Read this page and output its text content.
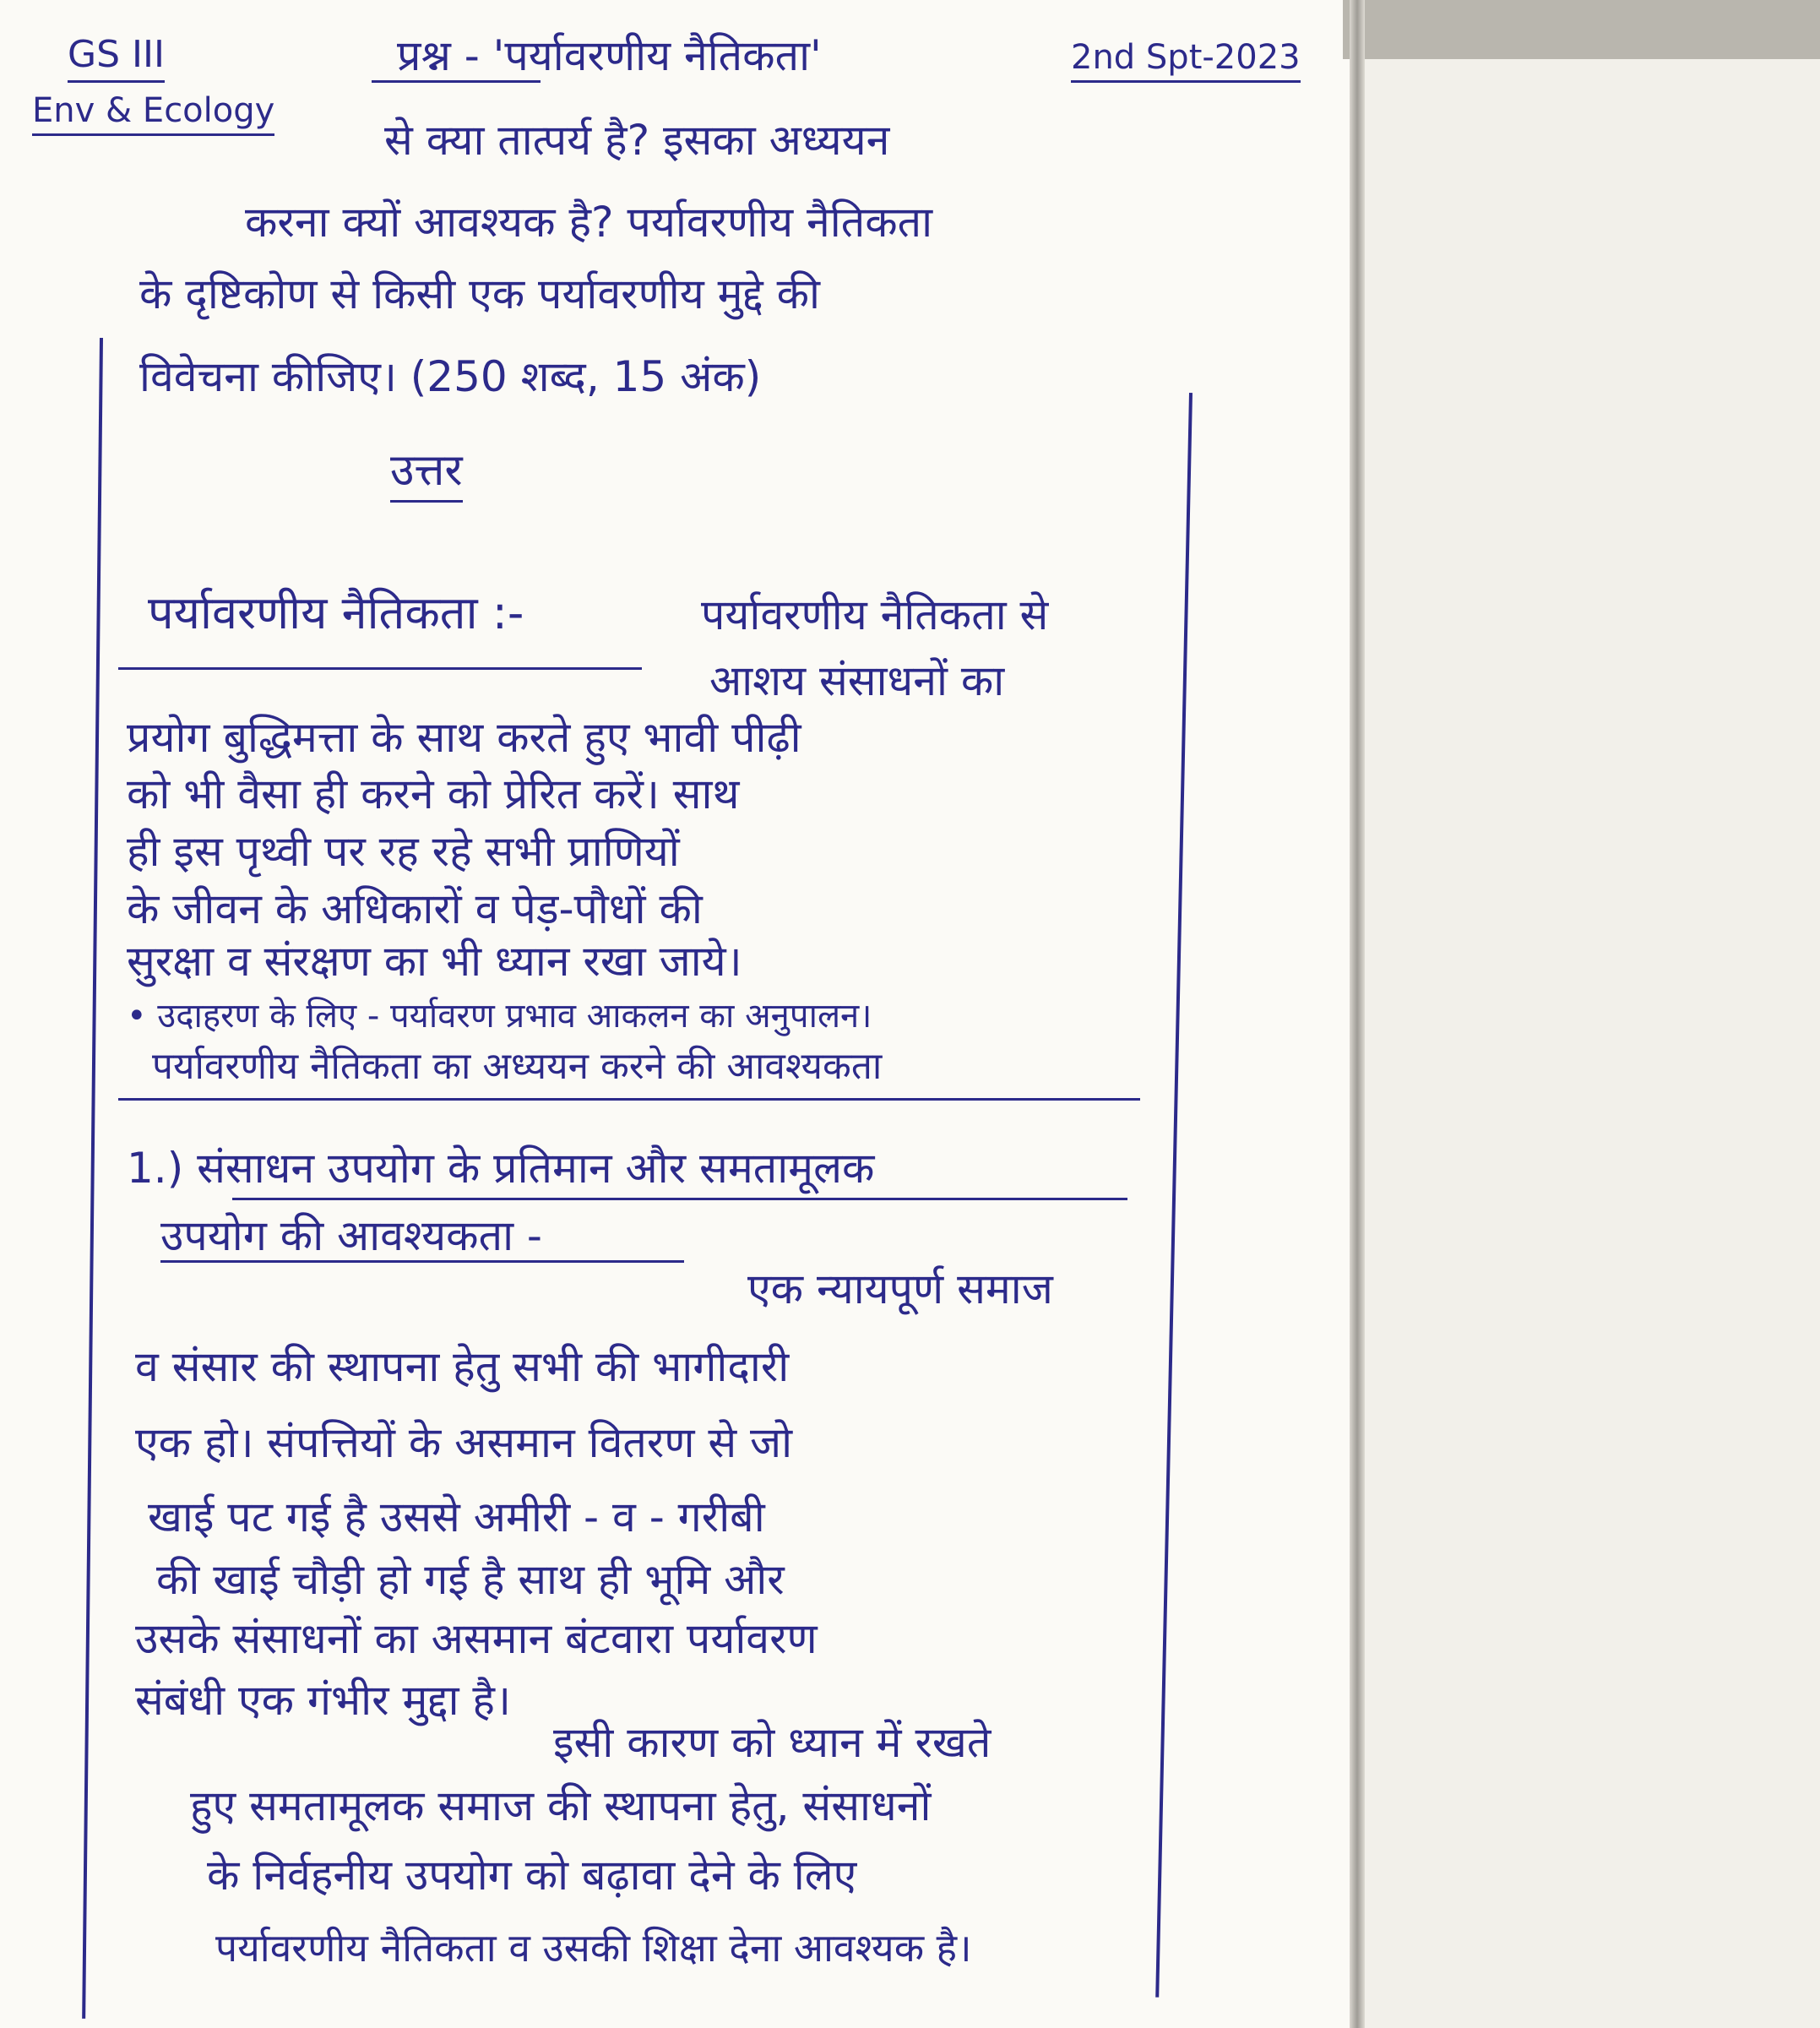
GS III
Env & Ecology
2nd Spt-2023
प्रश्न - 'पर्यावरणीय नैतिकता'
से क्या तात्पर्य है? इसका अध्ययन
करना क्यों आवश्यक है? पर्यावरणीय नैतिकता
के दृष्टिकोण से किसी एक पर्यावरणीय मुद्दे की
विवेचना कीजिए। (250 शब्द, 15 अंक)
उत्तर
पर्यावरणीय नैतिकता :-	पर्यावरणीय नैतिकता से
आशय संसाधनों का
प्रयोग बुद्धिमत्ता के साथ करते हुए भावी पीढ़ी
को भी वैसा ही करने को प्रेरित करें। साथ
ही इस पृथ्वी पर रह रहे सभी प्राणियों
के जीवन के अधिकारों व पेड़-पौधों की
सुरक्षा व संरक्षण का भी ध्यान रखा जाये।
• उदाहरण के लिए - पर्यावरण प्रभाव आकलन का अनुपालन।
पर्यावरणीय नैतिकता का अध्ययन करने की आवश्यकता
1.) संसाधन उपयोग के प्रतिमान और समतामूलक
उपयोग की आवश्यकता -
एक न्यायपूर्ण समाज
व संसार की स्थापना हेतु सभी की भागीदारी
एक हो। संपत्तियों के असमान वितरण से जो
खाई पट गई है उससे अमीरी - व - गरीबी
की खाई चौड़ी हो गई है साथ ही भूमि और
उसके संसाधनों का असमान बंटवारा पर्यावरण
संबंधी एक गंभीर मुद्दा है।
इसी कारण को ध्यान में रखते
हुए समतामूलक समाज की स्थापना हेतु, संसाधनों
के निर्वहनीय उपयोग को बढ़ावा देने के लिए
पर्यावरणीय नैतिकता व उसकी शिक्षा देना आवश्यक है।
